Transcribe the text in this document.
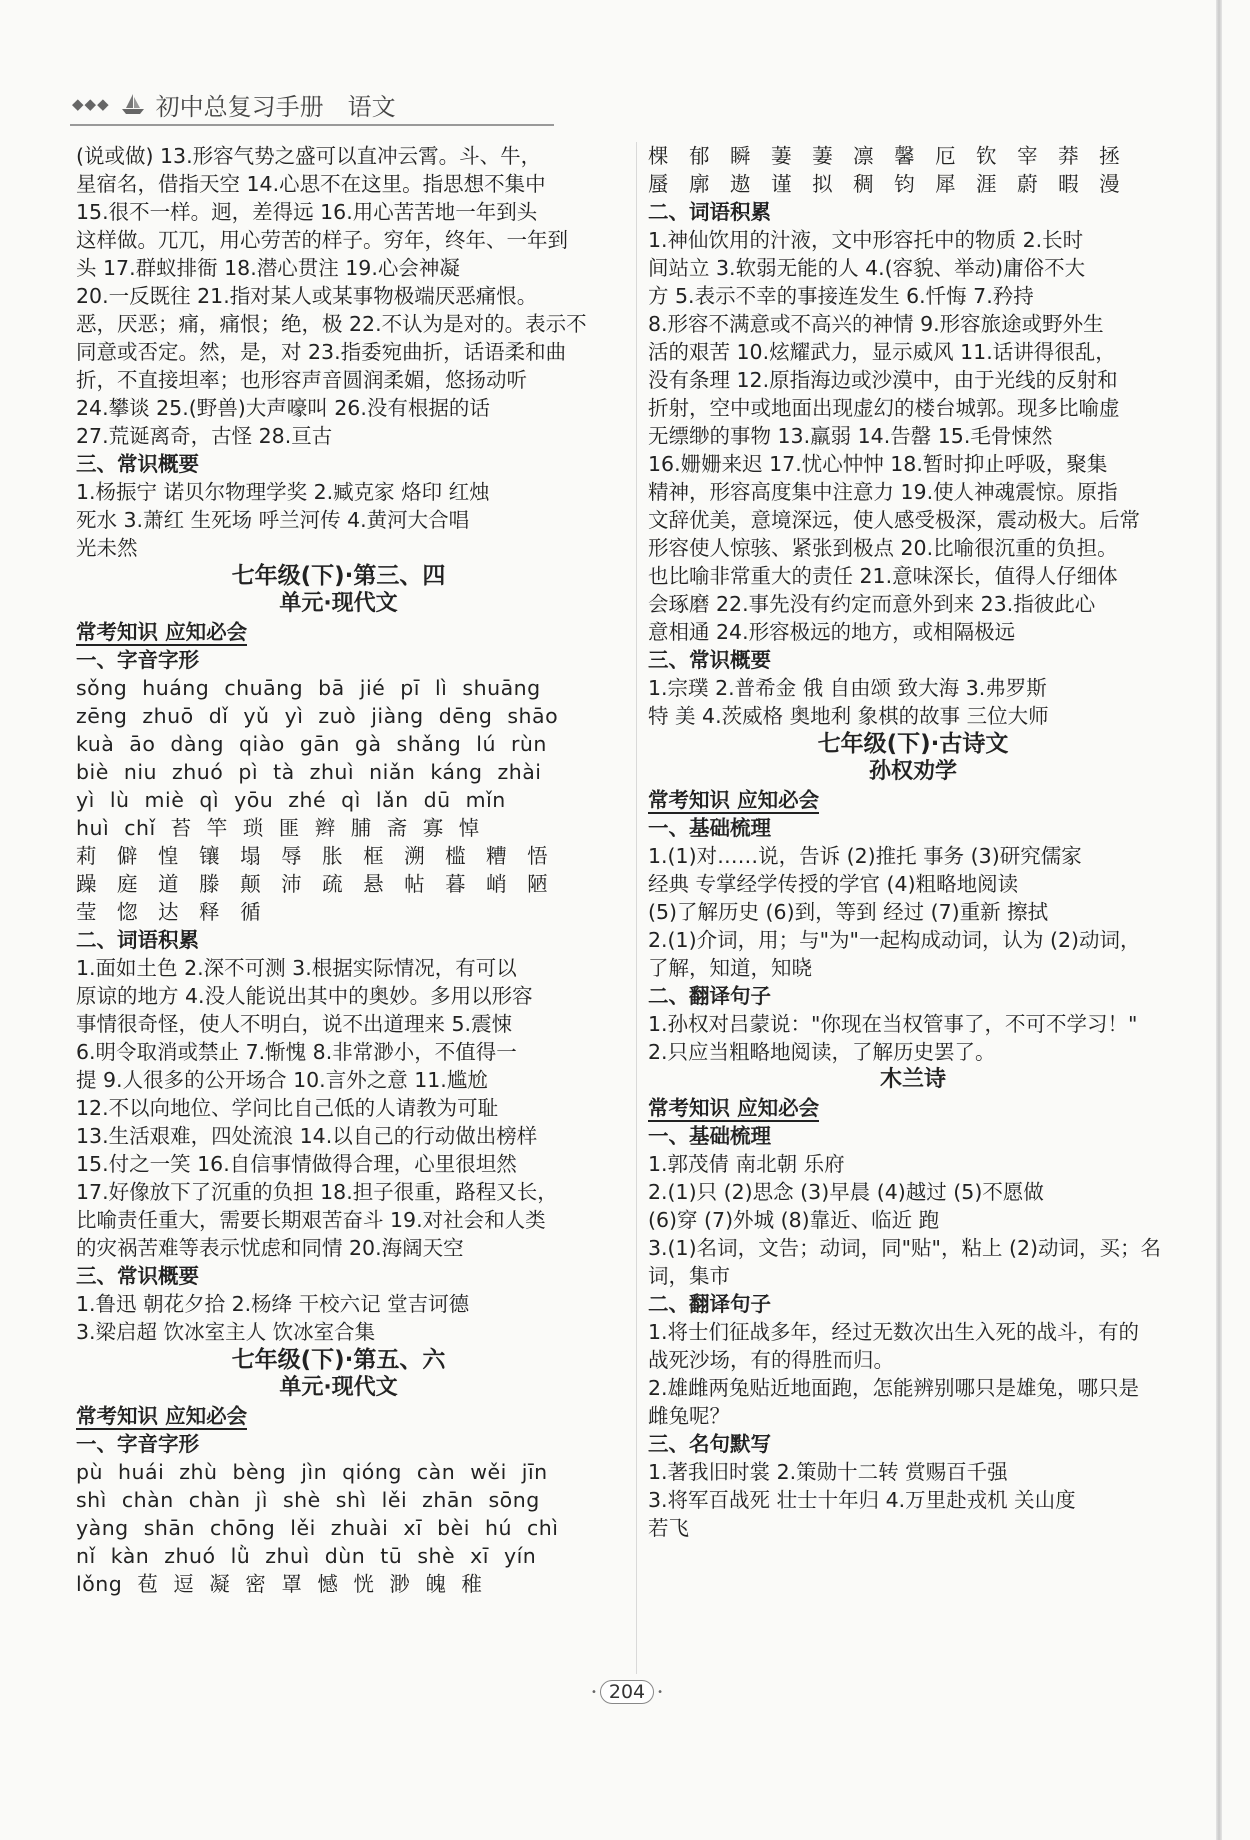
◆◆◆ 初中总复习手册 语文

(说或做) 13.形容气势之盛可以直冲云霄。斗、牛，

星宿名，借指天空 14.心思不在这里。指思想不集中

15.很不一样。迥，差得远 16.用心苦苦地一年到头

这样做。兀兀，用心劳苦的样子。穷年，终年、一年到

头 17.群蚁排衙 18.潜心贯注 19.心会神凝

20.一反既往 21.指对某人或某事物极端厌恶痛恨。

恶，厌恶；痛，痛恨；绝，极 22.不认为是对的。表示不

同意或否定。然，是，对 23.指委宛曲折，话语柔和曲

折，不直接坦率；也形容声音圆润柔媚，悠扬动听

24.攀谈 25.(野兽)大声嚎叫 26.没有根据的话

27.荒诞离奇，古怪 28.亘古

三、常识概要

1.杨振宁 诺贝尔物理学奖 2.臧克家 烙印 红烛

死水 3.萧红 生死场 呼兰河传 4.黄河大合唱

光未然

七年级(下)·第三、四

单元·现代文

常考知识 应知必会

一、字音字形

sǒng huáng chuāng bā jié pī lì shuāng

zēng zhuō dǐ yǔ yì zuò jiàng dēng shāo

kuà āo dàng qiào gān gà shǎng lú rùn

biè niu zhuó pì tà zhuì niǎn káng zhài

yì lù miè qì yōu zhé qì lǎn dū mǐn

huì chǐ 苔 竿 琐 匪 辫 脯 斋 寡 悼

莉 僻 惶 镶 塌 辱 胀 框 溯 槛 糟 悟

躁 庭 道 滕 颠 沛 疏 悬 帖 暮 峭 陋

莹 惚 达 释 循

二、词语积累

1.面如土色 2.深不可测 3.根据实际情况，有可以

原谅的地方 4.没人能说出其中的奥妙。多用以形容

事情很奇怪，使人不明白，说不出道理来 5.震悚

6.明令取消或禁止 7.惭愧 8.非常渺小，不值得一

提 9.人很多的公开场合 10.言外之意 11.尴尬

12.不以向地位、学问比自己低的人请教为可耻

13.生活艰难，四处流浪 14.以自己的行动做出榜样

15.付之一笑 16.自信事情做得合理，心里很坦然

17.好像放下了沉重的负担 18.担子很重，路程又长，

比喻责任重大，需要长期艰苦奋斗 19.对社会和人类

的灾祸苦难等表示忧虑和同情 20.海阔天空

三、常识概要

1.鲁迅 朝花夕拾 2.杨绛 干校六记 堂吉诃德

3.梁启超 饮冰室主人 饮冰室合集

七年级(下)·第五、六

单元·现代文

常考知识 应知必会

一、字音字形

pù huái zhù bèng jìn qióng càn wěi jīn

shì chàn chàn jì shè shì lěi zhān sōng

yàng shān chōng lěi zhuài xī bèi hú chì

nǐ kàn zhuó lǜ zhuì dùn tū shè xī yín

lǒng 苞 逗 凝 密 罩 憾 恍 渺 魄 稚

棵 郁 瞬 萋 萋 凛 馨 厄 钦 宰 莽 拯

蜃 廓 遨 谨 拟 稠 钧 犀 涯 蔚 暇 漫

二、词语积累

1.神仙饮用的汁液，文中形容托中的物质 2.长时

间站立 3.软弱无能的人 4.(容貌、举动)庸俗不大

方 5.表示不幸的事接连发生 6.忏悔 7.矜持

8.形容不满意或不高兴的神情 9.形容旅途或野外生

活的艰苦 10.炫耀武力，显示威风 11.话讲得很乱，

没有条理 12.原指海边或沙漠中，由于光线的反射和

折射，空中或地面出现虚幻的楼台城郭。现多比喻虚

无缥缈的事物 13.羸弱 14.告罄 15.毛骨悚然

16.姗姗来迟 17.忧心忡忡 18.暂时抑止呼吸，聚集

精神，形容高度集中注意力 19.使人神魂震惊。原指

文辞优美，意境深远，使人感受极深，震动极大。后常

形容使人惊骇、紧张到极点 20.比喻很沉重的负担。

也比喻非常重大的责任 21.意味深长，值得人仔细体

会琢磨 22.事先没有约定而意外到来 23.指彼此心

意相通 24.形容极远的地方，或相隔极远

三、常识概要

1.宗璞 2.普希金 俄 自由颂 致大海 3.弗罗斯

特 美 4.茨威格 奥地利 象棋的故事 三位大师

七年级(下)·古诗文

孙权劝学

常考知识 应知必会

一、基础梳理

1.(1)对……说，告诉 (2)推托 事务 (3)研究儒家

经典 专掌经学传授的学官 (4)粗略地阅读

(5)了解历史 (6)到，等到 经过 (7)重新 擦拭

2.(1)介词，用；与"为"一起构成动词，认为 (2)动词，

了解，知道，知晓

二、翻译句子

1.孙权对吕蒙说："你现在当权管事了，不可不学习！"

2.只应当粗略地阅读，了解历史罢了。

木兰诗

常考知识 应知必会

一、基础梳理

1.郭茂倩 南北朝 乐府

2.(1)只 (2)思念 (3)早晨 (4)越过 (5)不愿做

(6)穿 (7)外城 (8)靠近、临近 跑

3.(1)名词，文告；动词，同"贴"，粘上 (2)动词，买；名

词，集市

二、翻译句子

1.将士们征战多年，经过无数次出生入死的战斗，有的

战死沙场，有的得胜而归。

2.雄雌两兔贴近地面跑，怎能辨别哪只是雄兔，哪只是

雌兔呢？

三、名句默写

1.著我旧时裳 2.策勋十二转 赏赐百千强

3.将军百战死 壮士十年归 4.万里赴戎机 关山度

若飞

• 204
•
